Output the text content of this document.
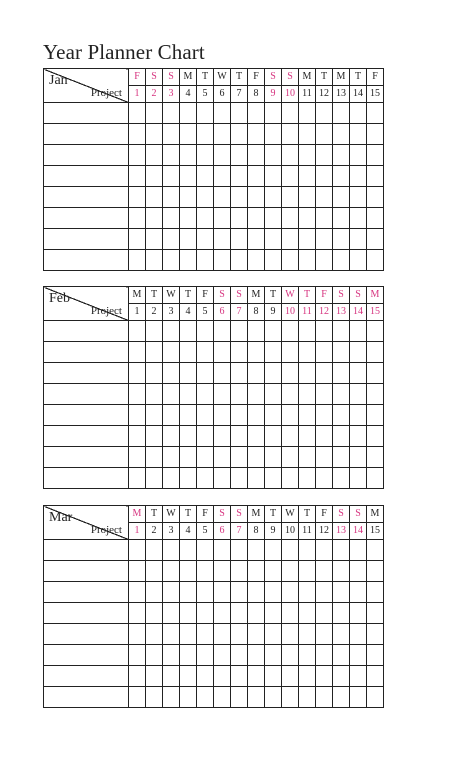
Year Planner Chart
Jan
Project	F	S	S	M	T	W	T	F	S	S	M	T	M	T	F
	1	2	3	4	5	6	7	8	9	10	11	12	13	14	15

Feb
Project	M	T	W	T	F	S	S	M	T	W	T	F	S	S	M
	1	2	3	4	5	6	7	8	9	10	11	12	13	14	15

Mar
Project	M	T	W	T	F	S	S	M	T	W	T	F	S	S	M
	1	2	3	4	5	6	7	8	9	10	11	12	13	14	15
